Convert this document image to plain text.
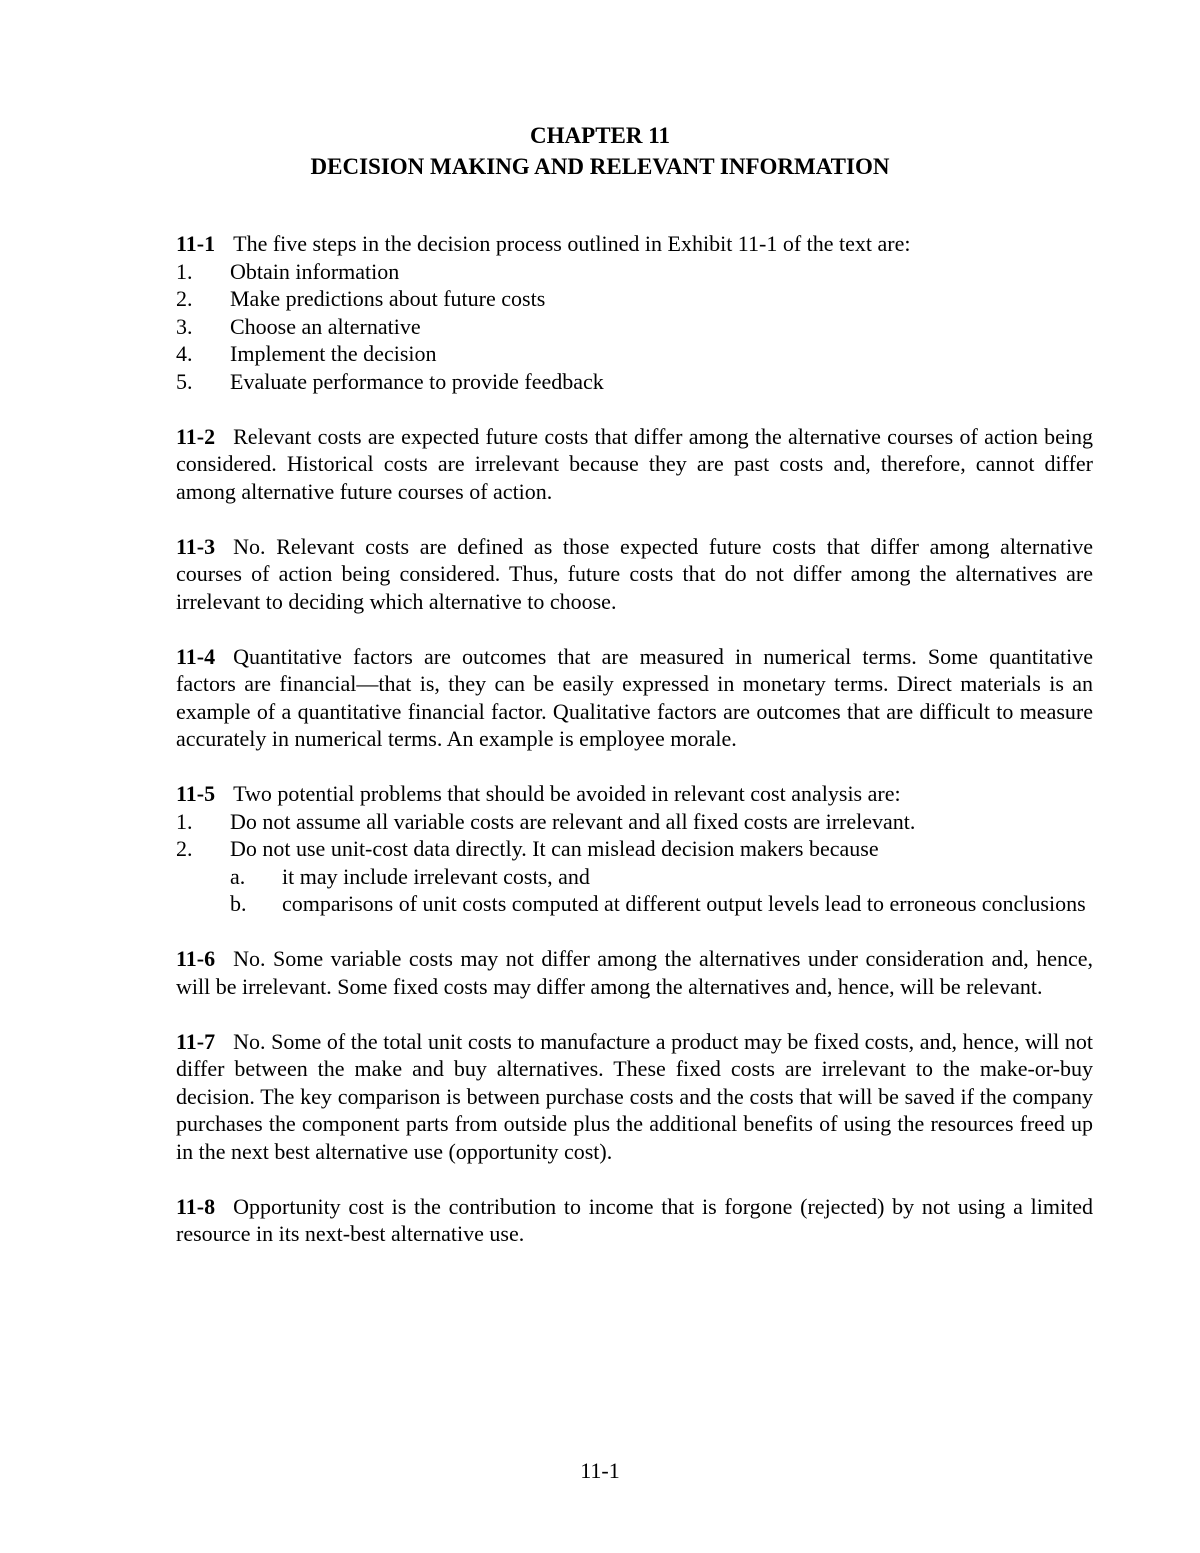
CHAPTER 11
DECISION MAKING AND RELEVANT INFORMATION
11-1 The five steps in the decision process outlined in Exhibit 11-1 of the text are:
1.	Obtain information
2.	Make predictions about future costs
3.	Choose an alternative
4.	Implement the decision
5.	Evaluate performance to provide feedback
11-2 Relevant costs are expected future costs that differ among the alternative courses of action being considered. Historical costs are irrelevant because they are past costs and, therefore, cannot differ among alternative future courses of action.
11-3 No. Relevant costs are defined as those expected future costs that differ among alternative courses of action being considered. Thus, future costs that do not differ among the alternatives are irrelevant to deciding which alternative to choose.
11-4 Quantitative factors are outcomes that are measured in numerical terms. Some quantitative factors are financial—that is, they can be easily expressed in monetary terms. Direct materials is an example of a quantitative financial factor. Qualitative factors are outcomes that are difficult to measure accurately in numerical terms. An example is employee morale.
11-5 Two potential problems that should be avoided in relevant cost analysis are:
1.	Do not assume all variable costs are relevant and all fixed costs are irrelevant.
2.	Do not use unit-cost data directly. It can mislead decision makers because
a.	it may include irrelevant costs, and
b.	comparisons of unit costs computed at different output levels lead to erroneous conclusions
11-6 No. Some variable costs may not differ among the alternatives under consideration and, hence, will be irrelevant. Some fixed costs may differ among the alternatives and, hence, will be relevant.
11-7 No. Some of the total unit costs to manufacture a product may be fixed costs, and, hence, will not differ between the make and buy alternatives. These fixed costs are irrelevant to the make-or-buy decision. The key comparison is between purchase costs and the costs that will be saved if the company purchases the component parts from outside plus the additional benefits of using the resources freed up in the next best alternative use (opportunity cost).
11-8 Opportunity cost is the contribution to income that is forgone (rejected) by not using a limited resource in its next-best alternative use.
11-1
